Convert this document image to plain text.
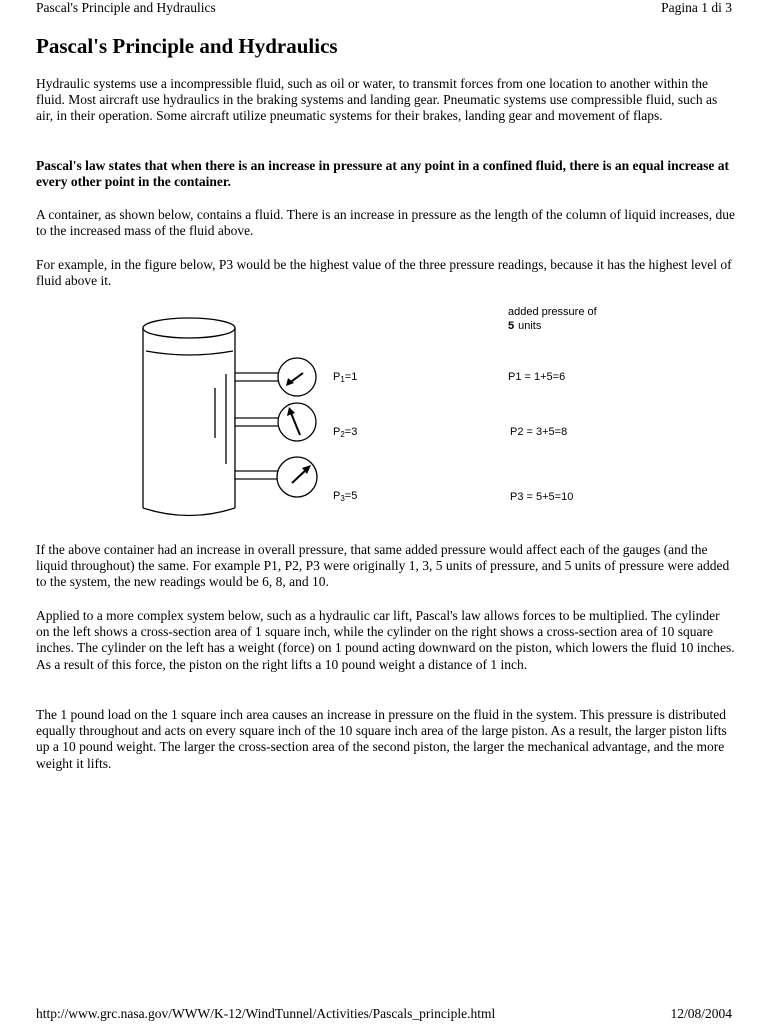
Pascal's Principle and Hydraulics	Pagina 1 di 3
Pascal's Principle and Hydraulics

Hydraulic systems use a incompressible fluid, such as oil or water, to transmit forces from one location to another within the fluid. Most aircraft use hydraulics in the braking systems and landing gear. Pneumatic systems use compressible fluid, such as air, in their operation. Some aircraft utilize pneumatic systems for their brakes, landing gear and movement of flaps.

Pascal's law states that when there is an increase in pressure at any point in a confined fluid, there is an equal increase at every other point in the container.

A container, as shown below, contains a fluid. There is an increase in pressure as the length of the column of liquid increases, due to the increased mass of the fluid above.

For example, in the figure below, P3 would be the highest value of the three pressure readings, because it has the highest level of fluid above it.

P1=1
P2=3
P3=5
added pressure of
5 units
P1 = 1+5=6
P2 = 3+5=8
P3 = 5+5=10

If the above container had an increase in overall pressure, that same added pressure would affect each of the gauges (and the liquid throughout) the same. For example P1, P2, P3 were originally 1, 3, 5 units of pressure, and 5 units of pressure were added to the system, the new readings would be 6, 8, and 10.

Applied to a more complex system below, such as a hydraulic car lift, Pascal's law allows forces to be multiplied. The cylinder on the left shows a cross-section area of 1 square inch, while the cylinder on the right shows a cross-section area of 10 square inches. The cylinder on the left has a weight (force) on 1 pound acting downward on the piston, which lowers the fluid 10 inches. As a result of this force, the piston on the right lifts a 10 pound weight a distance of 1 inch.

The 1 pound load on the 1 square inch area causes an increase in pressure on the fluid in the system. This pressure is distributed equally throughout and acts on every square inch of the 10 square inch area of the large piston. As a result, the larger piston lifts up a 10 pound weight. The larger the cross-section area of the second piston, the larger the mechanical advantage, and the more weight it lifts.

http://www.grc.nasa.gov/WWW/K-12/WindTunnel/Activities/Pascals_principle.html	12/08/2004
